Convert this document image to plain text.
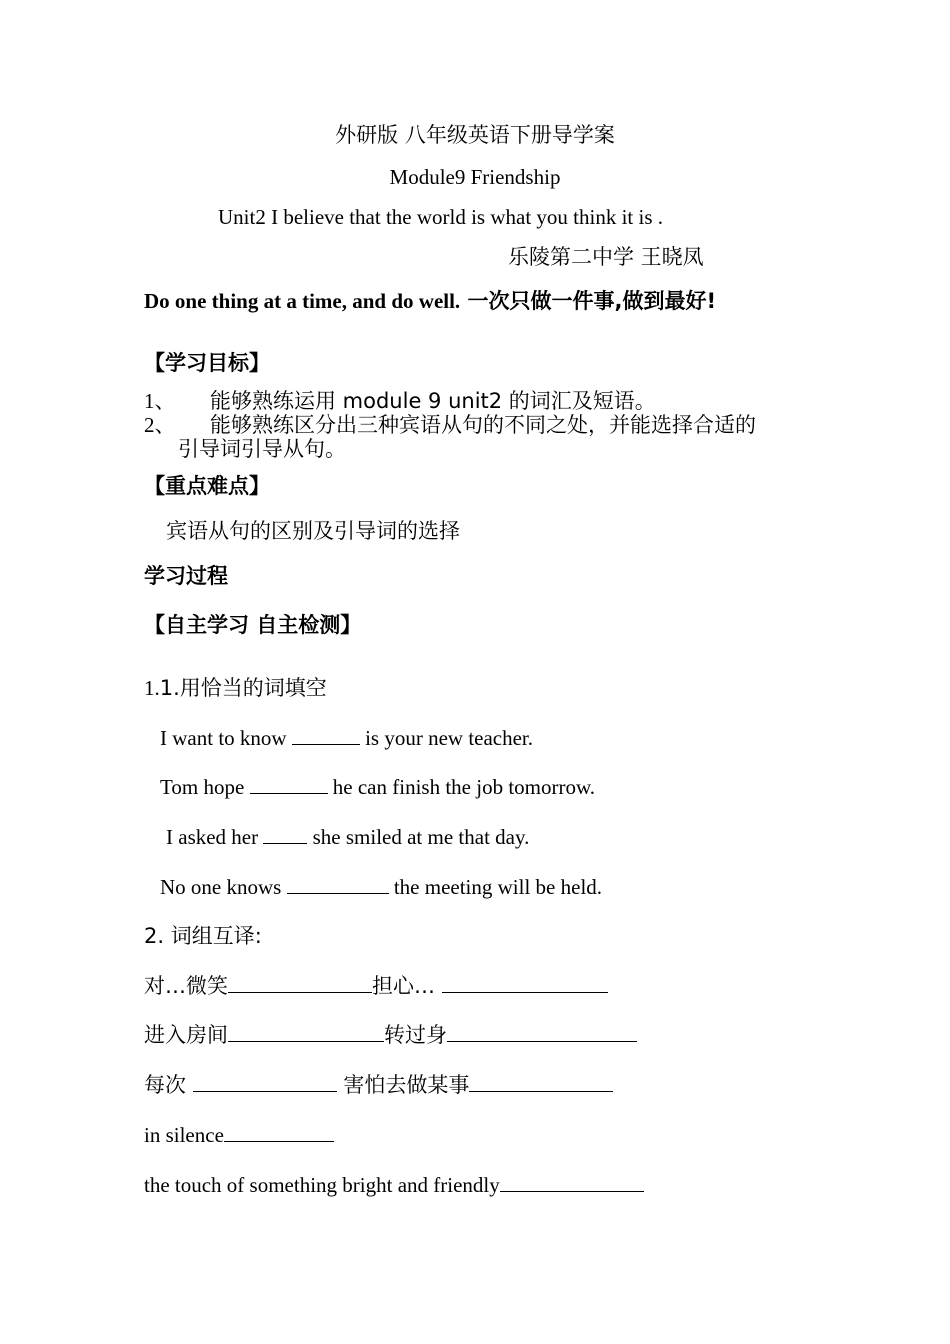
外研版 八年级英语下册导学案
Module9 Friendship
Unit2 I believe that the world is what you think it is .
乐陵第二中学 王晓凤
Do one thing at a time, and do well. 一次只做一件事,做到最好!
【学习目标】
1、 能够熟练运用 module 9 unit2 的词汇及短语。
2、 能够熟练区分出三种宾语从句的不同之处，并能选择合适的
引导词引导从句。
【重点难点】
宾语从句的区别及引导词的选择
学习过程
【自主学习 自主检测】
1.1.用恰当的词填空
I want to know	is your new teacher.
Tom hope	he can finish the job tomorrow.
I asked her  she smiled at me that day.
No one knows	the meeting will be held.
2. 词组互译:
对…微笑	担心…
进入房间	转过身
每次	害怕去做某事
in silence
the touch of something bright and friendly
